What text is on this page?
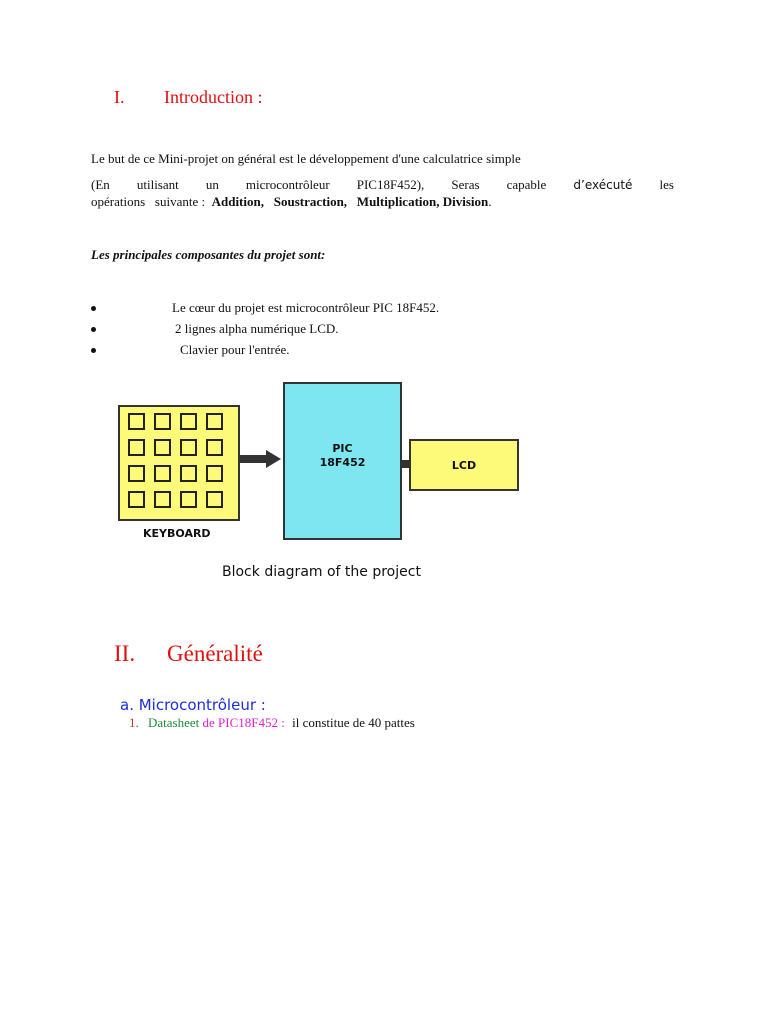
I. Introduction :
Le but de ce Mini-projet on général est le développement d'une calculatrice simple
(En utilisant un microcontrôleur PIC18F452), Seras capable d’exécuté les
opérations   suivante : Addition, Soustraction, Multiplication, Division.
Les principales composantes du projet sont:
Le cœur du projet est microcontrôleur PIC 18F452.
2 lignes alpha numérique LCD.
Clavier pour l'entrée.
PIC
18F452	LCD
KEYBOARD
Block diagram of the project
II. Généralité
a. Microcontrôleur :
1. Datasheet de PIC18F452 : il constitue de 40 pattes
